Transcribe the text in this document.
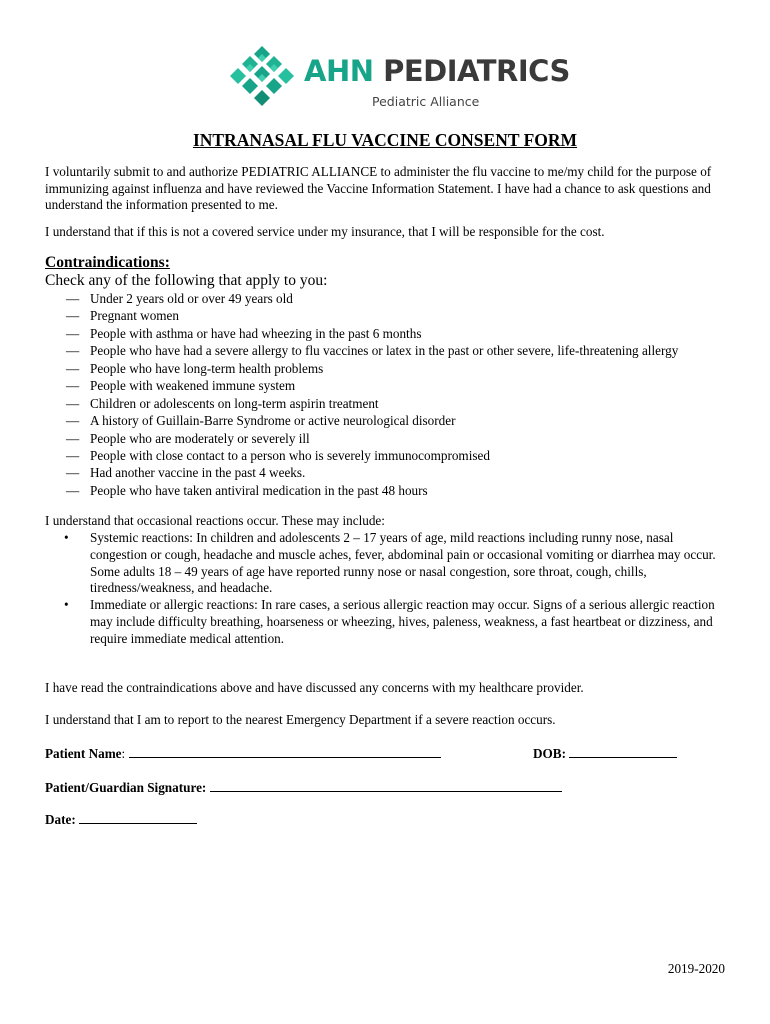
AHN PEDIATRICS
Pediatric Alliance
INTRANASAL FLU VACCINE CONSENT FORM
I voluntarily submit to and authorize PEDIATRIC ALLIANCE to administer the flu vaccine to me/my child for the purpose of immunizing against influenza and have reviewed the Vaccine Information Statement. I have had a chance to ask questions and understand the information presented to me.
I understand that if this is not a covered service under my insurance, that I will be responsible for the cost.
Contraindications:
Check any of the following that apply to you:
— Under 2 years old or over 49 years old
— Pregnant women
— People with asthma or have had wheezing in the past 6 months
— People who have had a severe allergy to flu vaccines or latex in the past or other severe, life-threatening allergy
— People who have long-term health problems
— People with weakened immune system
— Children or adolescents on long-term aspirin treatment
— A history of Guillain-Barre Syndrome or active neurological disorder
— People who are moderately or severely ill
— People with close contact to a person who is severely immunocompromised
— Had another vaccine in the past 4 weeks.
— People who have taken antiviral medication in the past 48 hours
I understand that occasional reactions occur. These may include:
• Systemic reactions: In children and adolescents 2 – 17 years of age, mild reactions including runny nose, nasal congestion or cough, headache and muscle aches, fever, abdominal pain or occasional vomiting or diarrhea may occur.
Some adults 18 – 49 years of age have reported runny nose or nasal congestion, sore throat, cough, chills, tiredness/weakness, and headache.
• Immediate or allergic reactions: In rare cases, a serious allergic reaction may occur. Signs of a serious allergic reaction may include difficulty breathing, hoarseness or wheezing, hives, paleness, weakness, a fast heartbeat or dizziness, and require immediate medical attention.
I have read the contraindications above and have discussed any concerns with my healthcare provider.
I understand that I am to report to the nearest Emergency Department if a severe reaction occurs.
Patient Name:	DOB:
Patient/Guardian Signature:
Date:
2019-2020
